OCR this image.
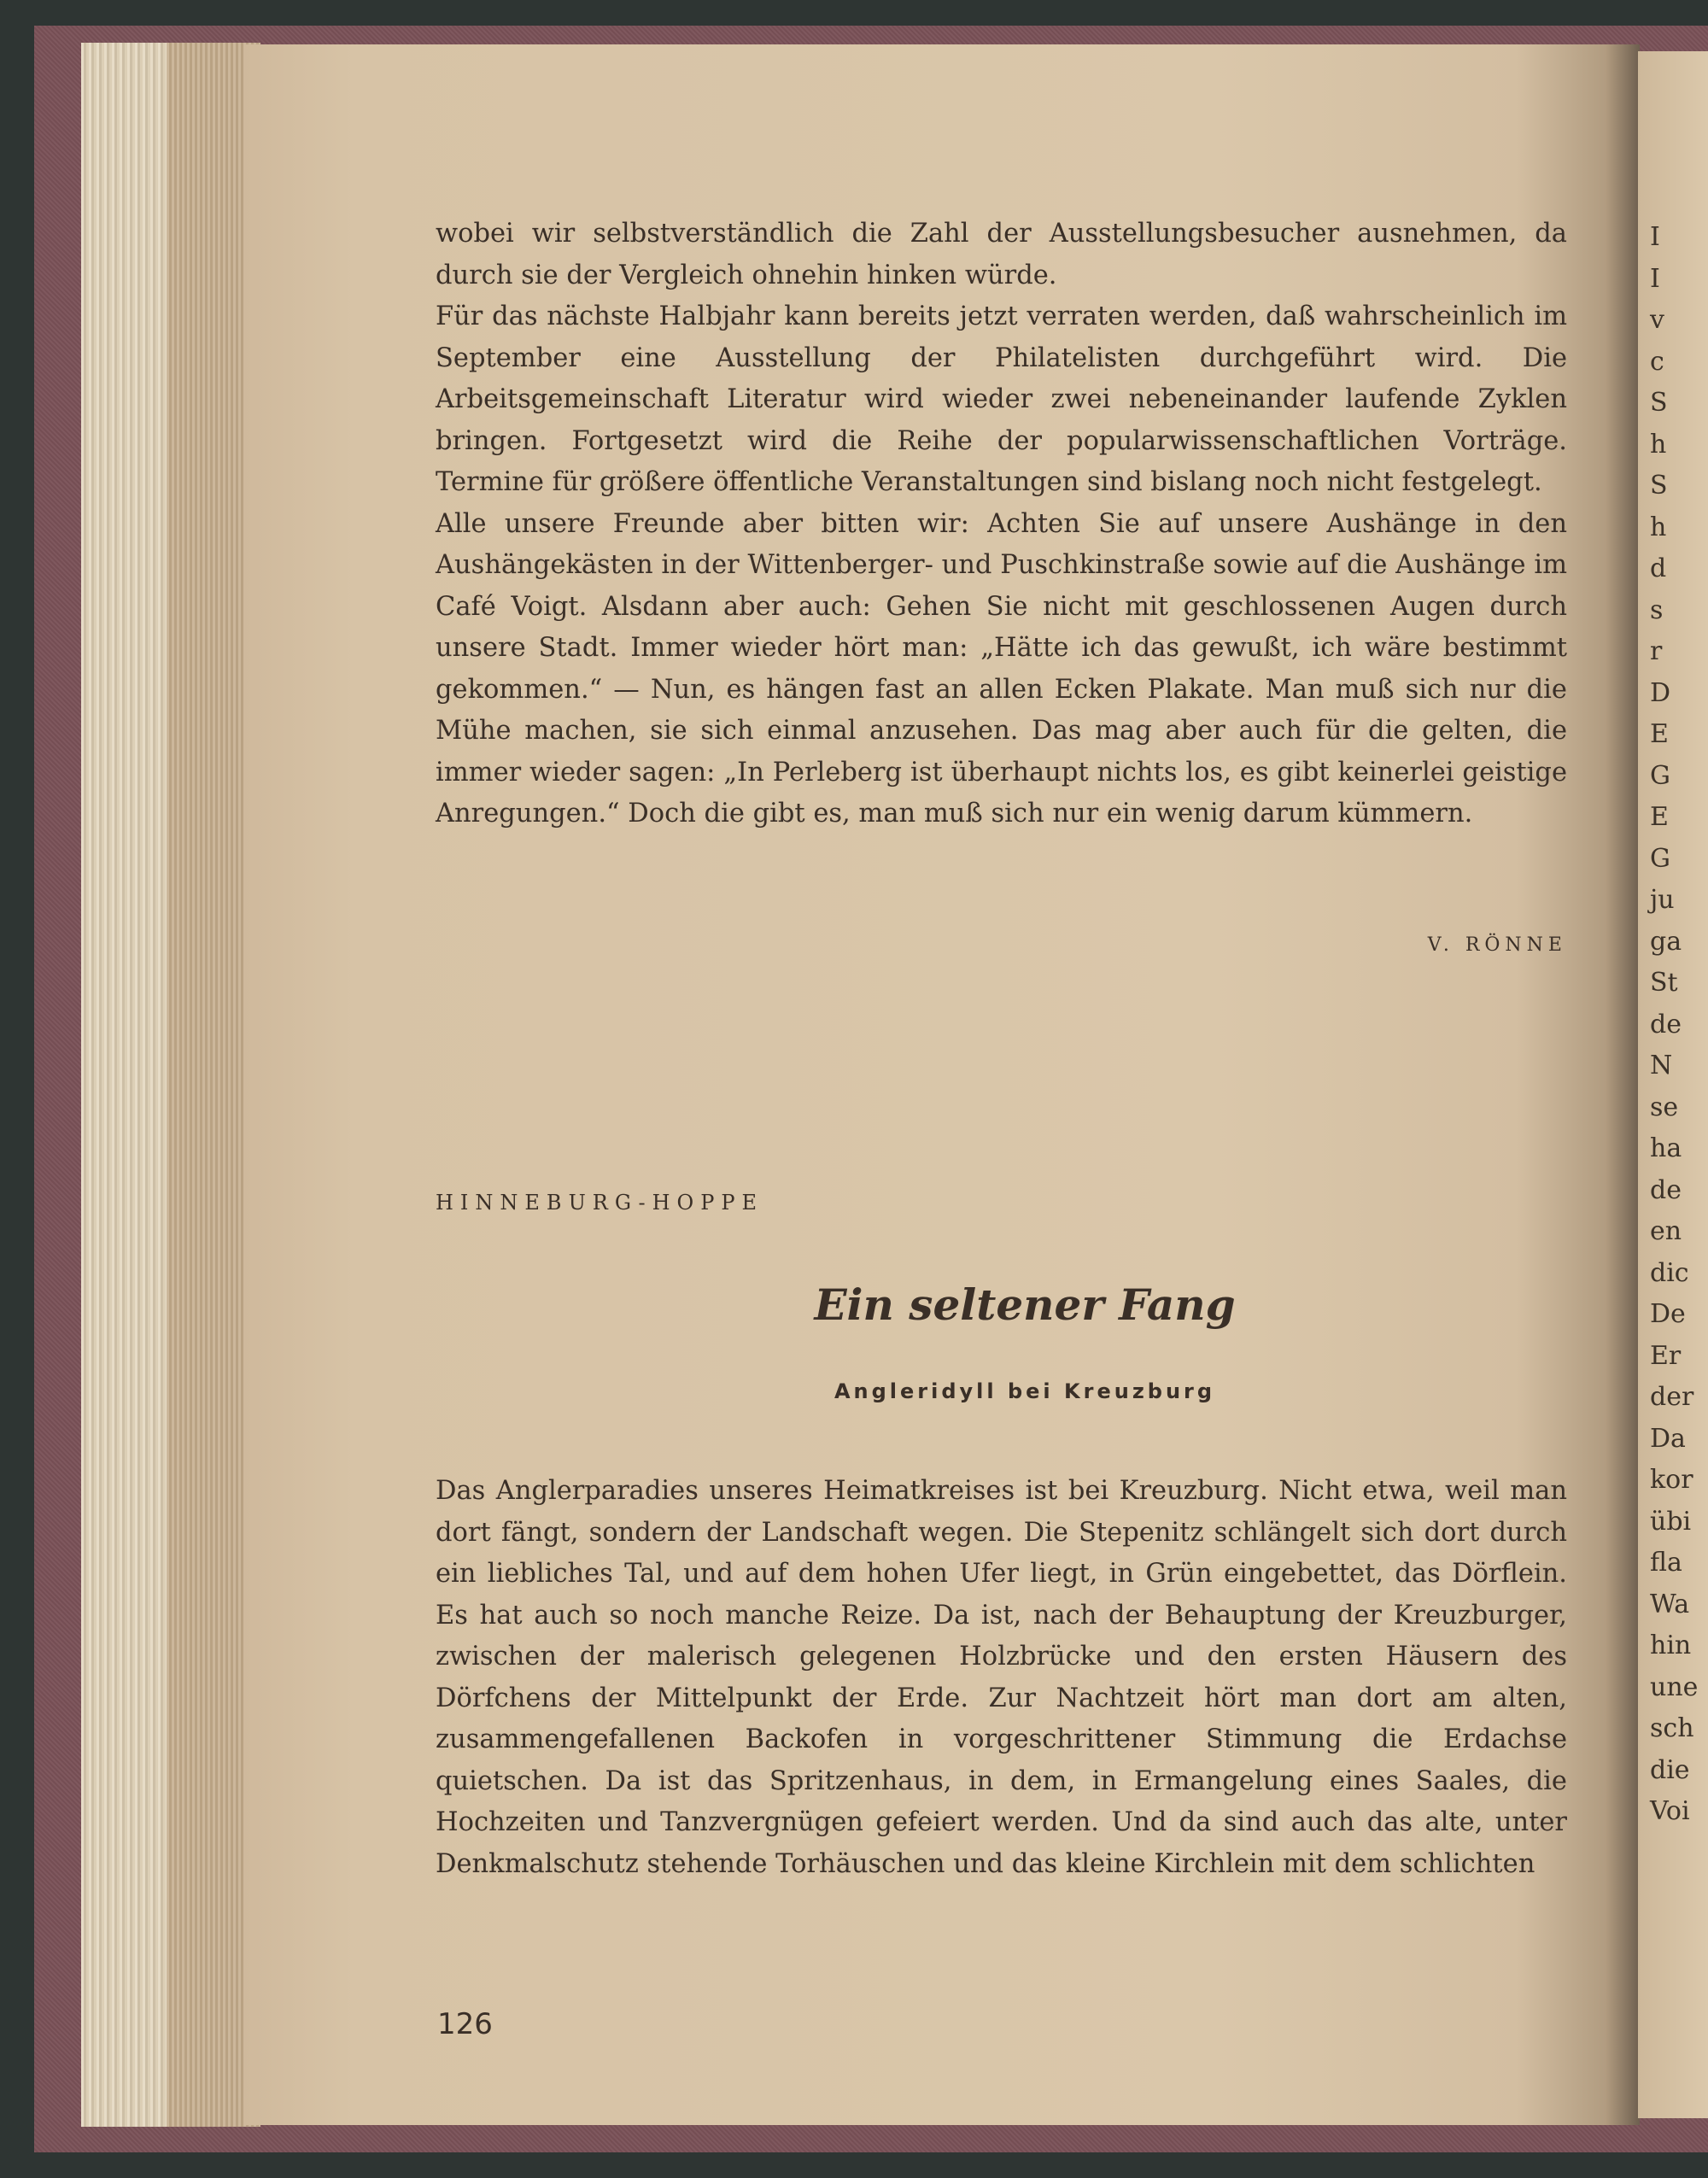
I
I
v
c
S
h
S
h
d
s
r
D
E
G
E
G
ju
ga
St
de
N
se
ha
de
en
dic
De
Er
der
Da
kor
übi
fla
Wa
hin
une
sch
die
Voi

wobei wir selbstverständlich die Zahl der Ausstellungsbesucher ausnehmen, da durch sie der Vergleich ohnehin hinken würde.

Für das nächste Halbjahr kann bereits jetzt verraten werden, daß wahrscheinlich im September eine Ausstellung der Philatelisten durchgeführt wird. Die Arbeitsgemeinschaft Literatur wird wieder zwei nebeneinander laufende Zyklen bringen. Fortgesetzt wird die Reihe der popularwissenschaftlichen Vorträge. Termine für größere öffentliche Veranstaltungen sind bislang noch nicht festgelegt.

Alle unsere Freunde aber bitten wir: Achten Sie auf unsere Aushänge in den Aushängekästen in der Wittenberger- und Puschkinstraße sowie auf die Aushänge im Café Voigt. Alsdann aber auch: Gehen Sie nicht mit geschlossenen Augen durch unsere Stadt. Immer wieder hört man: „Hätte ich das gewußt, ich wäre bestimmt gekommen.“ — Nun, es hängen fast an allen Ecken Plakate. Man muß sich nur die Mühe machen, sie sich einmal anzusehen. Das mag aber auch für die gelten, die immer wieder sagen: „In Perleberg ist überhaupt nichts los, es gibt keinerlei geistige Anregungen.“ Doch die gibt es, man muß sich nur ein wenig darum kümmern.

V. RÖNNE
HINNEBURG-HOPPE
Ein seltener Fang
Angleridyll bei Kreuzburg

Das Anglerparadies unseres Heimatkreises ist bei Kreuzburg. Nicht etwa, weil man dort fängt, sondern der Landschaft wegen. Die Stepenitz schlängelt sich dort durch ein liebliches Tal, und auf dem hohen Ufer liegt, in Grün eingebettet, das Dörflein. Es hat auch so noch manche Reize. Da ist, nach der Behauptung der Kreuzburger, zwischen der malerisch gelegenen Holzbrücke und den ersten Häusern des Dörfchens der Mittelpunkt der Erde. Zur Nachtzeit hört man dort am alten, zusammengefallenen Backofen in vorgeschrittener Stimmung die Erdachse quietschen. Da ist das Spritzenhaus, in dem, in Ermangelung eines Saales, die Hochzeiten und Tanzvergnügen gefeiert werden. Und da sind auch das alte, unter Denkmalschutz stehende Torhäuschen und das kleine Kirchlein mit dem schlichten

126
